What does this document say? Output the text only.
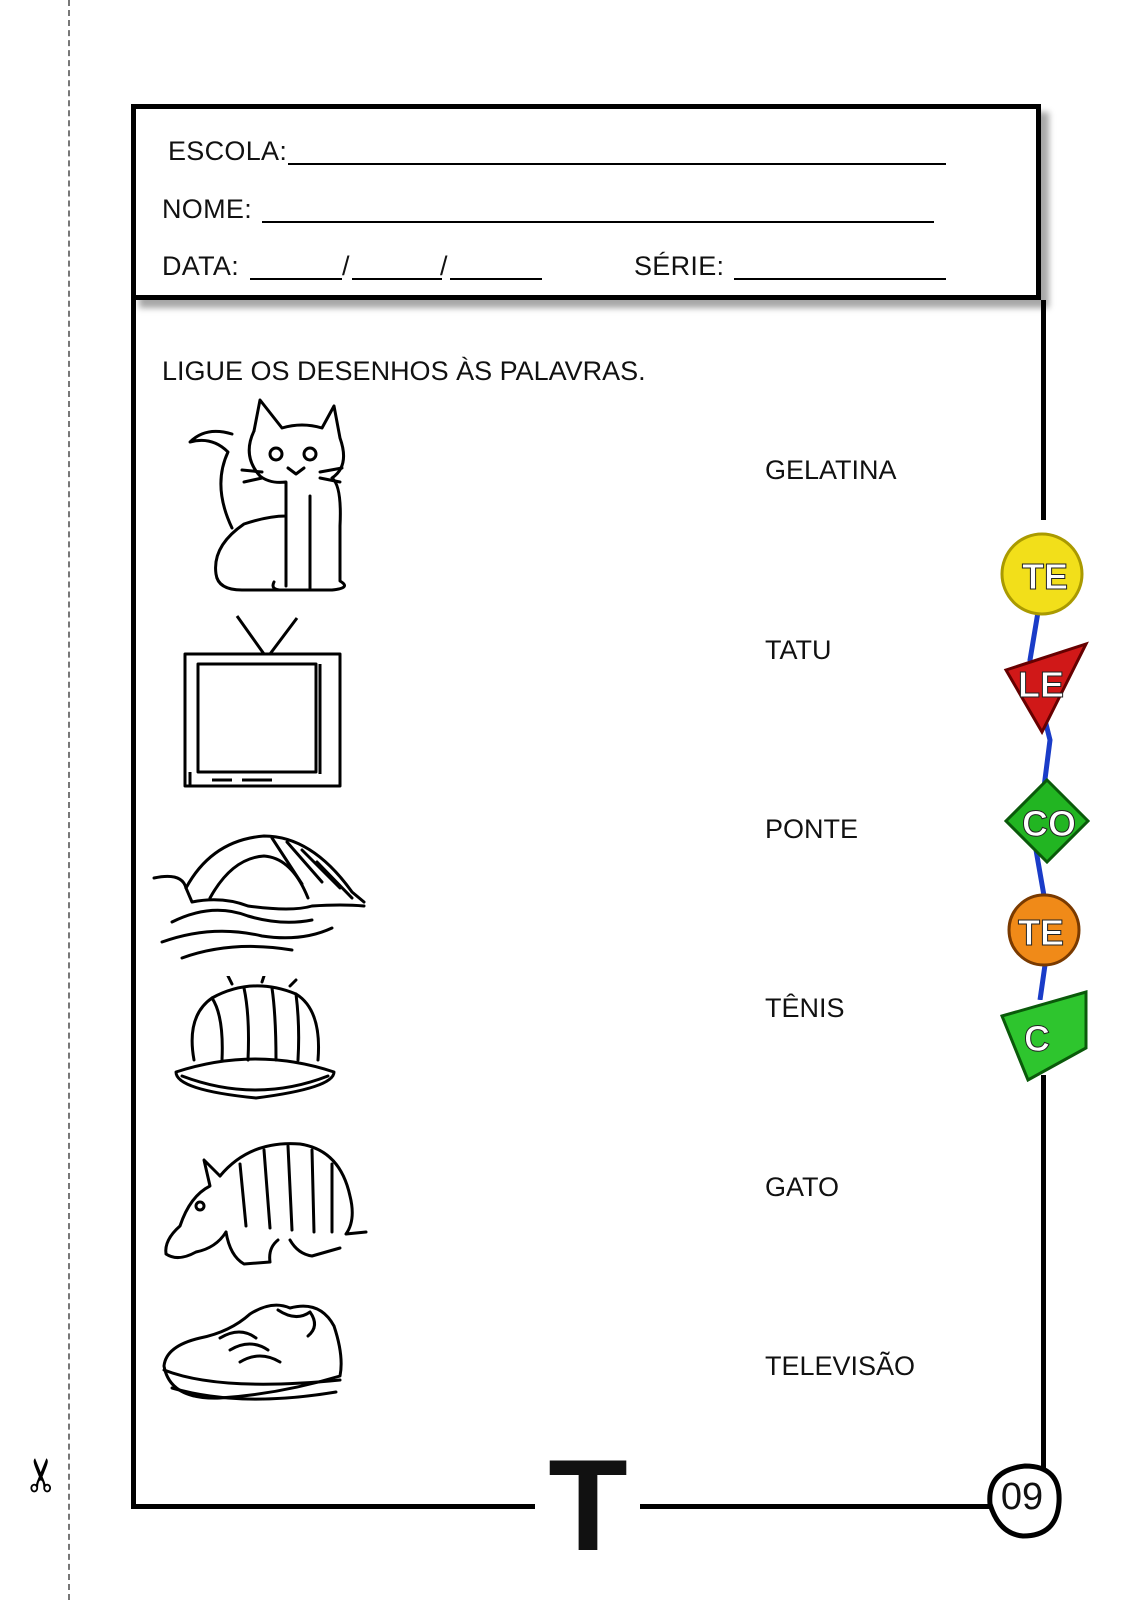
✂
ESCOLA:
NOME:
DATA:	/	/	SÉRIE:
LIGUE OS DESENHOS ÀS PALAVRAS.
GELATINA
TATU
PONTE
TÊNIS
GATO
TELEVISÃO
TE
LE
CO
TE
C
T	09
